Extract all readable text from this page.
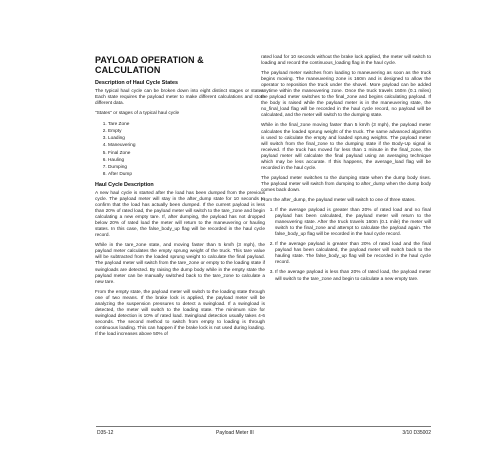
PAYLOAD OPERATION & CALCULATION
Description of Haul Cycle States

The typical haul cycle can be broken down into eight distinct stages or states. Each state requires the payload meter to make different calculations and store different data.

"States" or stages of a typical haul cycle

1. Tare Zone
2. Empty
3. Loading
4. Maneuvering
5. Final Zone
6. Hauling
7. Dumping
8. After Dump
Haul Cycle Description

A new haul cycle is started after the load has been dumped from the previous cycle. The payload meter will stay in the after_dump state for 10 seconds to confirm that the load has actually been dumped. If the current payload is less than 20% of rated load, the payload meter will switch to the tare_zone and begin calculating a new empty tare. If, after dumping, the payload has not dropped below 20% of rated load the meter will return to the maneuvering or hauling states. In this case, the false_body_up flag will be recorded in the haul cycle record.

While in the tare_zone state, and moving faster than 5 km/h (3 mph), the payload meter calculates the empty sprung weight of the truck. This tare value will be subtracted from the loaded sprung weight to calculate the final payload. The payload meter will switch from the tare_zone or empty to the loading state if swingloads are detected. By raising the dump body while in the empty state the payload meter can be manually switched back to the tare_zone to calculate a new tare.

From the empty state, the payload meter will switch to the loading state through one of two means. If the brake lock is applied, the payload meter will be analyzing the suspension pressures to detect a swingload. If a swingload is detected, the meter will switch to the loading state. The minimum size for swingload detection is 10% of rated load. Swingload detection usually takes 4-6 seconds. The second method to switch from empty to loading is through continuous loading. This can happen if the brake lock is not used during loading. If the load increases above 50% of

rated load for 10 seconds without the brake lock applied, the meter will switch to loading and record the continuous_loading flag in the haul cycle.

The payload meter switches from loading to maneuvering as soon as the truck begins moving. The maneuvering zone is 160m and is designed to allow the operator to reposition the truck under the shovel. More payload can be added anytime within the maneuvering zone. Once the truck travels 160m (0.1 miles) the payload meter switches to the final_zone and begins calculating payload. If the body is raised while the payload meter is in the maneuvering state, the no_final_load flag will be recorded in the haul cycle record, no payload will be calculated, and the meter will switch to the dumping state.

While in the final_zone moving faster than 5 km/h (3 mph), the payload meter calculates the loaded sprung weight of the truck. The same advanced algorithm is used to calculate the empty and loaded sprung weights. The payload meter will switch from the final_zone to the dumping state if the Body-Up signal is received. If the truck has moved for less than 1 minute in the final_zone, the payload meter will calculate the final payload using an averaging technique which may be less accurate. If this happens, the average_load flag will be recorded in the haul cycle.

The payload meter switches to the dumping state when the dump body rises. The payload meter will switch from dumping to after_dump when the dump body comes back down.

From the after_dump, the payload meter will switch to one of three states.

1. If the average payload is greater than 20% of rated load and no final payload has been calculated, the payload meter will return to the maneuvering state. After the truck travels 160m (0.1 mile) the meter will switch to the final_zone and attempt to calculate the payload again. The false_body_up flag will be recorded in the haul cycle record.
2. If the average payload is greater than 20% of rated load and the final payload has been calculated, the payload meter will switch back to the hauling state. The false_body_up flag will be recorded in the haul cycle record.
3. If the average payload is less than 20% of rated load, the payload meter will switch to the tare_zone and begin to calculate a new empty tare.
D35-12	Payload Meter III	3/10 D35002
